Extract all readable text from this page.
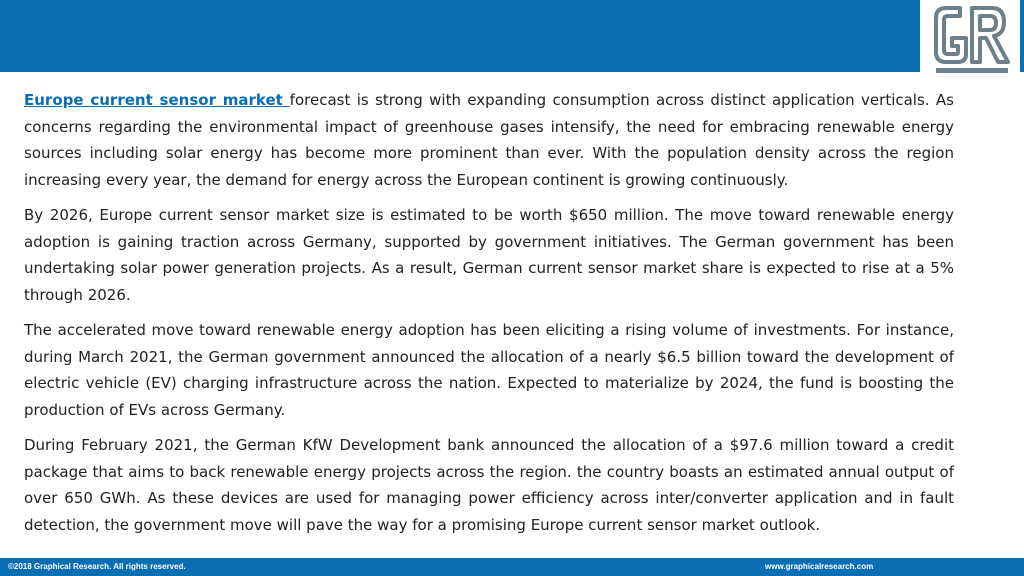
Europe current sensor market forecast is strong with expanding consumption across distinct application verticals. As concerns regarding the environmental impact of greenhouse gases intensify, the need for embracing renewable energy sources including solar energy has become more prominent than ever. With the population density across the region increasing every year, the demand for energy across the European continent is growing continuously.

By 2026, Europe current sensor market size is estimated to be worth $650 million. The move toward renewable energy adoption is gaining traction across Germany, supported by government initiatives. The German government has been undertaking solar power generation projects. As a result, German current sensor market share is expected to rise at a 5% through 2026.

The accelerated move toward renewable energy adoption has been eliciting a rising volume of investments. For instance, during March 2021, the German government announced the allocation of a nearly $6.5 billion toward the development of electric vehicle (EV) charging infrastructure across the nation. Expected to materialize by 2024, the fund is boosting the production of EVs across Germany.

During February 2021, the German KfW Development bank announced the allocation of a $97.6 million toward a credit package that aims to back renewable energy projects across the region. the country boasts an estimated annual output of over 650 GWh. As these devices are used for managing power efficiency across inter/converter application and in fault detection, the government move will pave the way for a promising Europe current sensor market outlook.

©2018 Graphical Research. All rights reserved.	www.graphicalresearch.com
